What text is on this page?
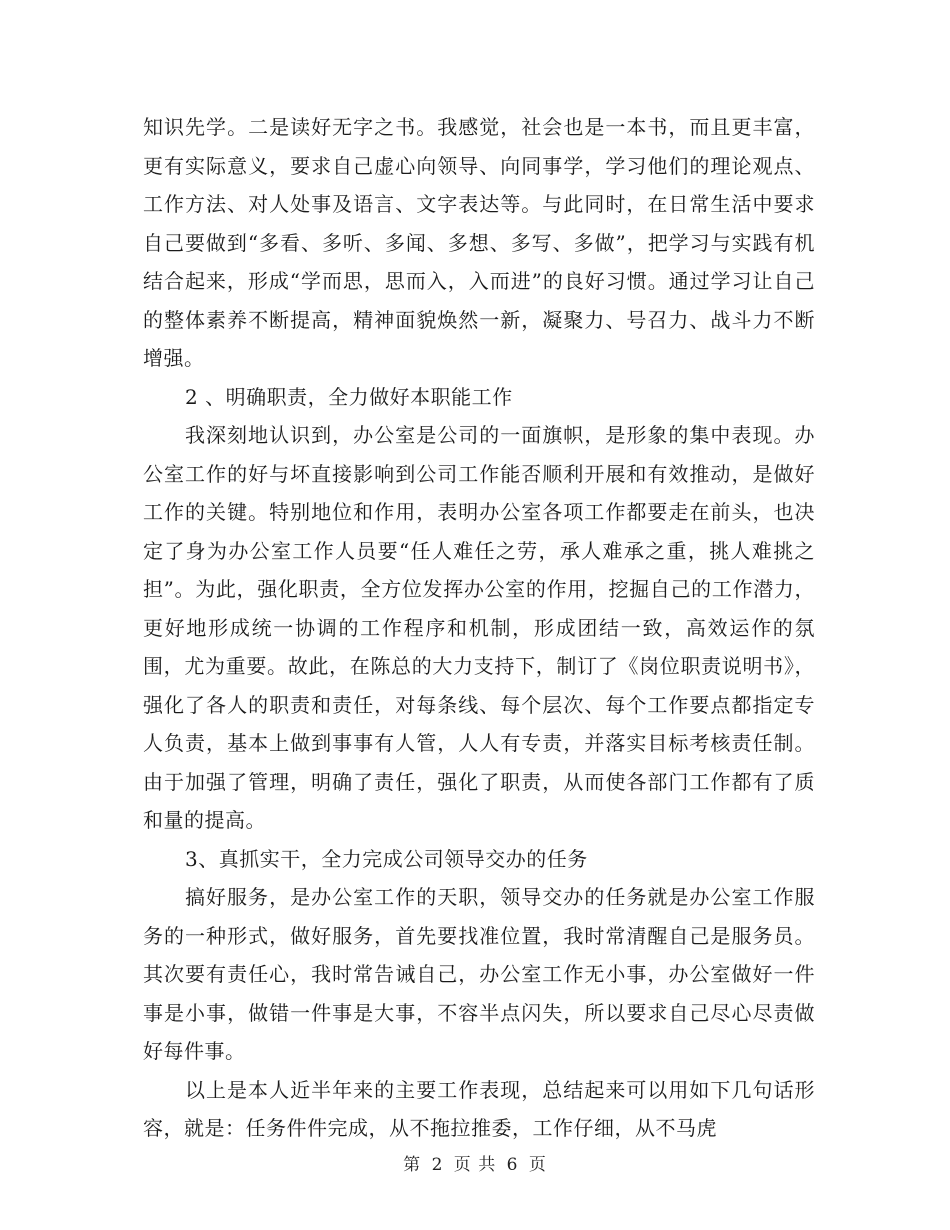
知识先学。二是读好无字之书。我感觉，社会也是一本书，而且更丰富，更有实际意义，要求自己虚心向领导、向同事学，学习他们的理论观点、工作方法、对人处事及语言、文字表达等。与此同时，在日常生活中要求自己要做到“多看、多听、多闻、多想、多写、多做”，把学习与实践有机结合起来，形成“学而思，思而入，入而进”的良好习惯。通过学习让自己的整体素养不断提高，精神面貌焕然一新，凝聚力、号召力、战斗力不断增强。

2 、明确职责，全力做好本职能工作

我深刻地认识到，办公室是公司的一面旗帜，是形象的集中表现。办公室工作的好与坏直接影响到公司工作能否顺利开展和有效推动，是做好工作的关键。特别地位和作用，表明办公室各项工作都要走在前头，也决定了身为办公室工作人员要“任人难任之劳，承人难承之重，挑人难挑之担”。为此，强化职责，全方位发挥办公室的作用，挖掘自己的工作潜力，更好地形成统一协调的工作程序和机制，形成团结一致，高效运作的氛围，尤为重要。故此，在陈总的大力支持下，制订了《岗位职责说明书》，强化了各人的职责和责任，对每条线、每个层次、每个工作要点都指定专人负责，基本上做到事事有人管，人人有专责，并落实目标考核责任制。由于加强了管理，明确了责任，强化了职责，从而使各部门工作都有了质和量的提高。

3、真抓实干，全力完成公司领导交办的任务

搞好服务，是办公室工作的天职，领导交办的任务就是办公室工作服务的一种形式，做好服务，首先要找准位置，我时常清醒自己是服务员。其次要有责任心，我时常告诫自己，办公室工作无小事，办公室做好一件事是小事，做错一件事是大事，不容半点闪失，所以要求自己尽心尽责做好每件事。

以上是本人近半年来的主要工作表现，总结起来可以用如下几句话形容，就是：任务件件完成，从不拖拉推委，工作仔细，从不马虎

第 2 页 共 6 页
